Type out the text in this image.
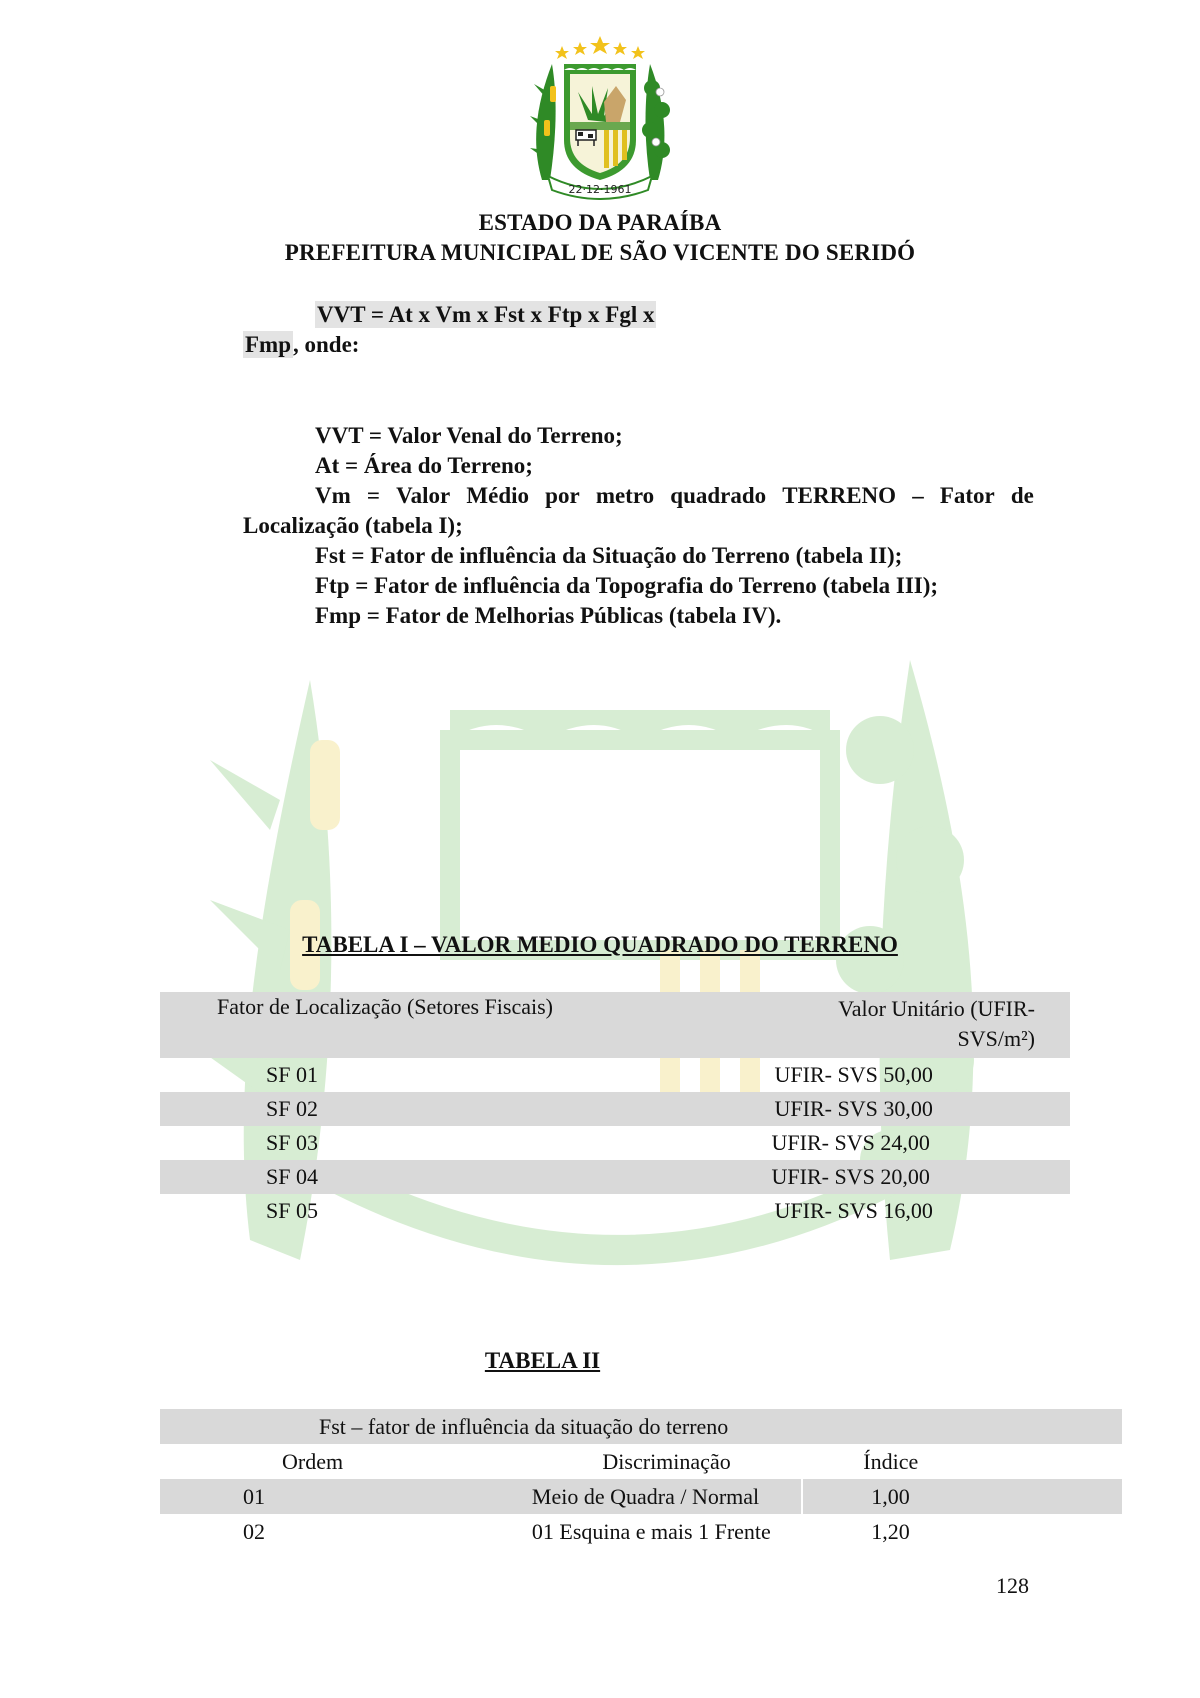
22·12·1961
ESTADO DA PARAÍBA
PREFEITURA MUNICIPAL DE SÃO VICENTE DO SERIDÓ
VVT = At x Vm x Fst x Ftp x Fgl x
Fmp, onde:
VVT = Valor Venal do Terreno;
At = Área do Terreno;
Vm = Valor Médio por metro quadrado TERRENO – Fator de
Localização (tabela I);
Fst = Fator de influência da Situação do Terreno (tabela II);
Ftp = Fator de influência da Topografia do Terreno (tabela III);
Fmp = Fator de Melhorias Públicas (tabela IV).
TABELA I – VALOR MEDIO QUADRADO DO TERRENO
Fator de Localização (Setores Fiscais)	Valor Unitário (UFIR-
SVS/m²)
SF 01	UFIR- SVS 50,00
SF 02	UFIR- SVS 30,00
SF 03	UFIR- SVS 24,00
SF 04	UFIR- SVS 20,00
SF 05	UFIR- SVS 16,00
TABELA II
Fst – fator de influência da situação do terreno		
Ordem	Discriminação	Índice
01	Meio de Quadra / Normal	1,00
02	01 Esquina e mais 1 Frente	1,20
128
